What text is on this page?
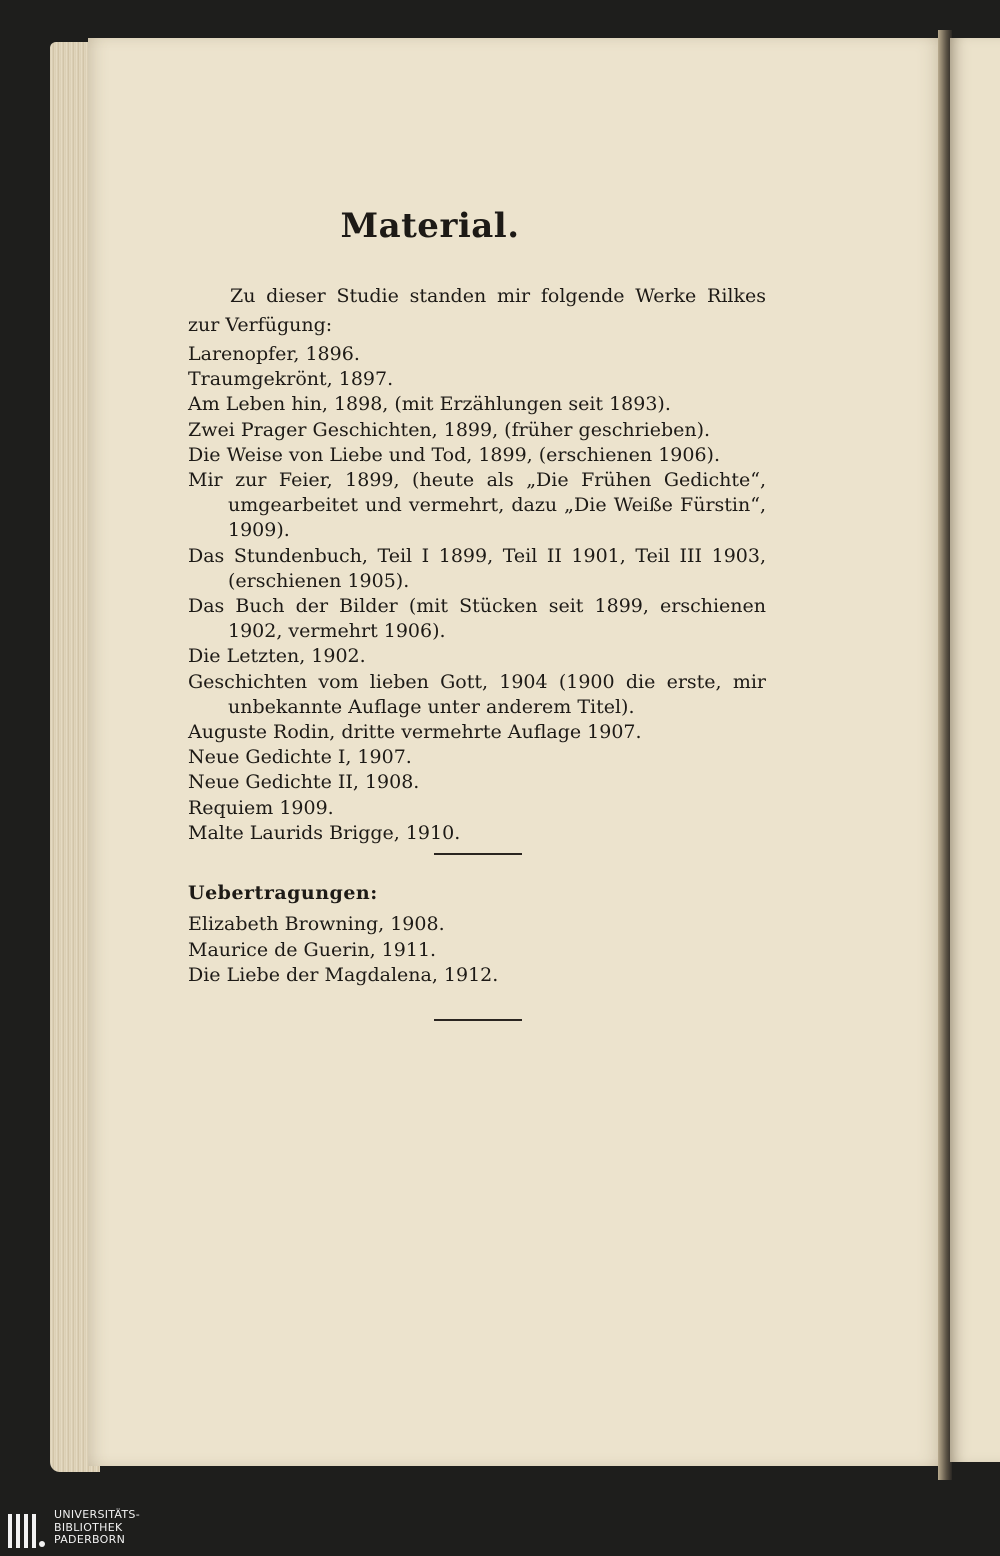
Material.

Zu dieser Studie standen mir folgende Werke Rilkes zur Verfügung:

Larenopfer, 1896.
Traumgekrönt, 1897.
Am Leben hin, 1898, (mit Erzählungen seit 1893).
Zwei Prager Geschichten, 1899, (früher geschrieben).
Die Weise von Liebe und Tod, 1899, (erschienen 1906).
Mir zur Feier, 1899, (heute als „Die Frühen Gedichte“, umgearbeitet und vermehrt, dazu „Die Weiße Fürstin“, 1909).
Das Stundenbuch, Teil I 1899, Teil II 1901, Teil III 1903, (erschienen 1905).
Das Buch der Bilder (mit Stücken seit 1899, erschienen 1902, vermehrt 1906).
Die Letzten, 1902.
Geschichten vom lieben Gott, 1904 (1900 die erste, mir unbekannte Auflage unter anderem Titel).
Auguste Rodin, dritte vermehrte Auflage 1907.
Neue Gedichte I, 1907.
Neue Gedichte II, 1908.
Requiem 1909.
Malte Laurids Brigge, 1910.
Uebertragungen:
Elizabeth Browning, 1908.
Maurice de Guerin, 1911.
Die Liebe der Magdalena, 1912.
UNIVERSITÄTS-
BIBLIOTHEK
PADERBORN
